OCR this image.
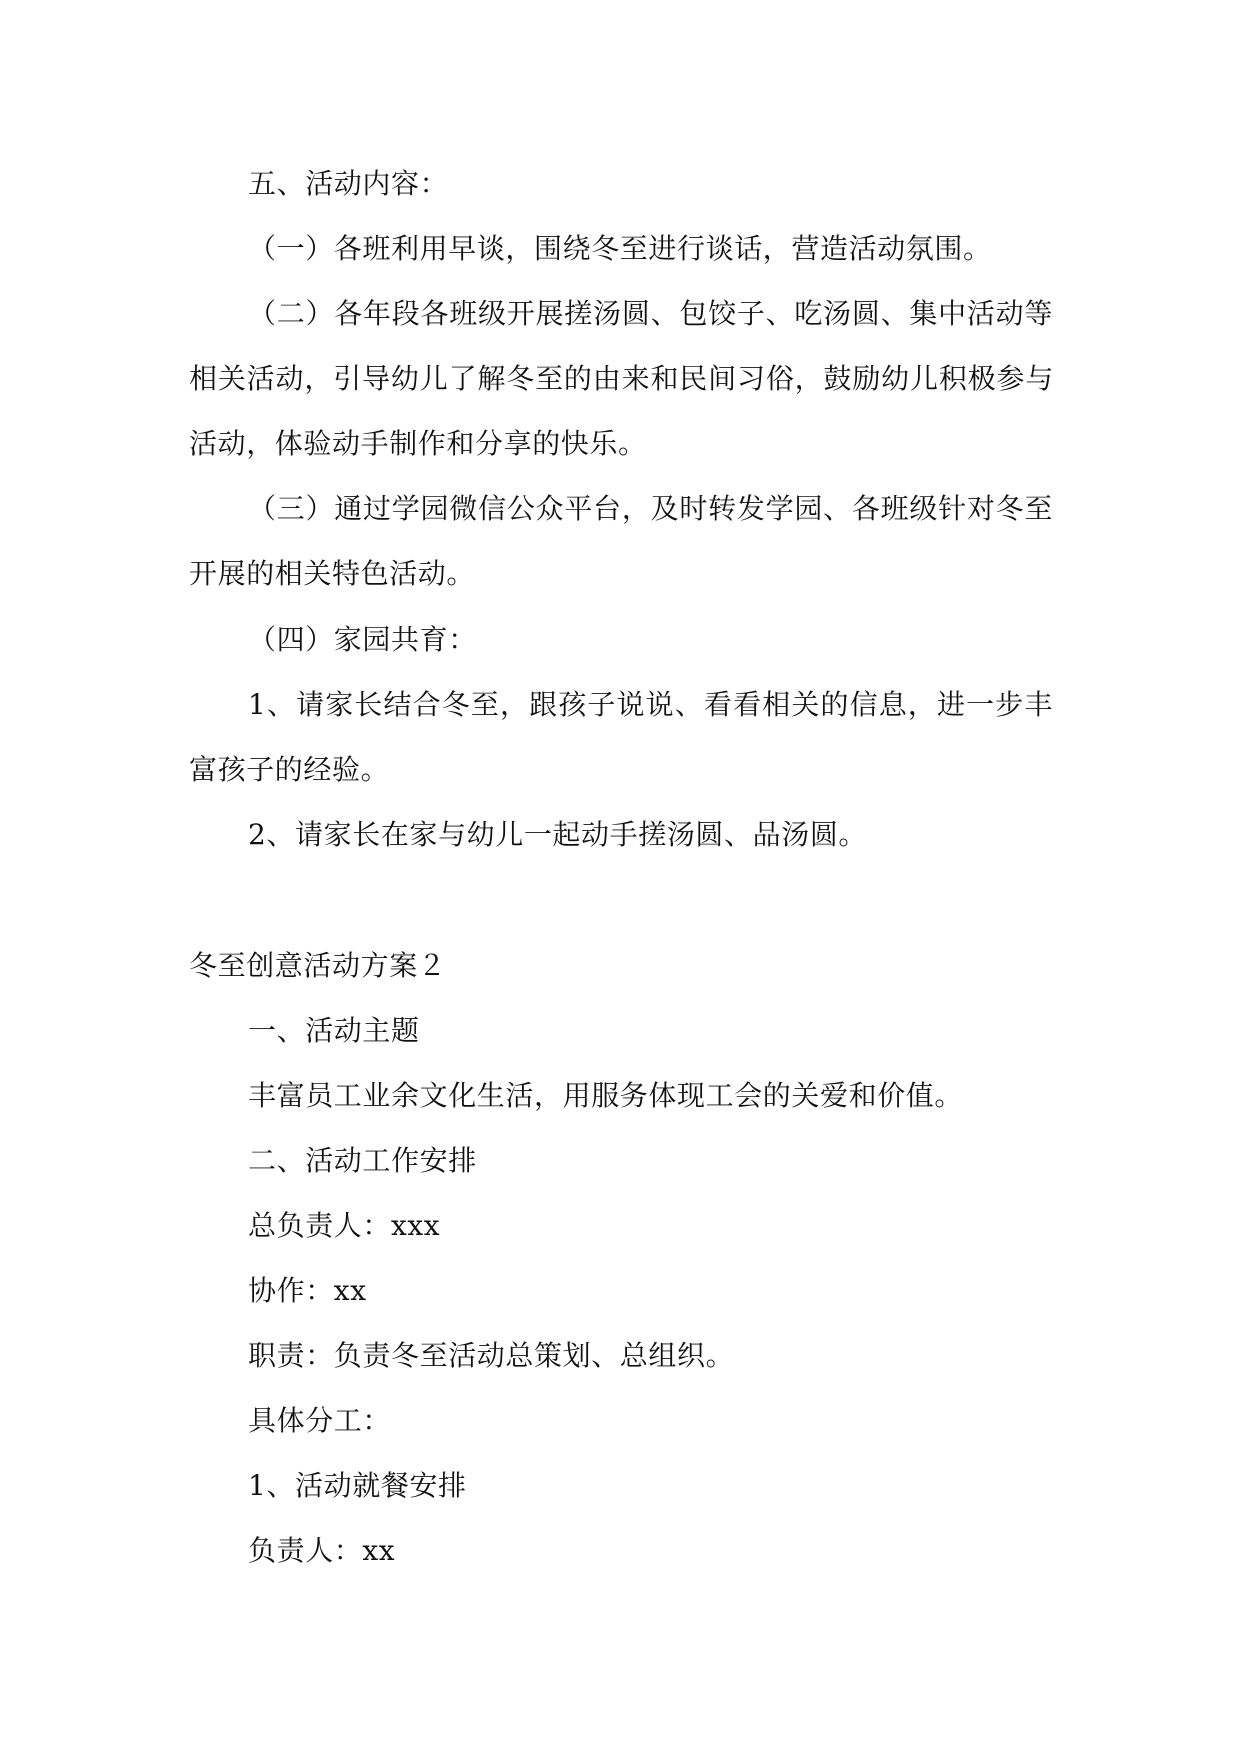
五、活动内容：
（一）各班利用早谈，围绕冬至进行谈话，营造活动氛围。
（二）各年段各班级开展搓汤圆、包饺子、吃汤圆、集中活动等
相关活动，引导幼儿了解冬至的由来和民间习俗，鼓励幼儿积极参与
活动，体验动手制作和分享的快乐。
（三）通过学园微信公众平台，及时转发学园、各班级针对冬至
开展的相关特色活动。
（四）家园共育：
1、请家长结合冬至，跟孩子说说、看看相关的信息，进一步丰
富孩子的经验。
2、请家长在家与幼儿一起动手搓汤圆、品汤圆。
冬至创意活动方案２
一、活动主题
丰富员工业余文化生活，用服务体现工会的关爱和价值。
二、活动工作安排
总负责人：xxx
协作：xx
职责：负责冬至活动总策划、总组织。
具体分工：
1、活动就餐安排
负责人：xx
